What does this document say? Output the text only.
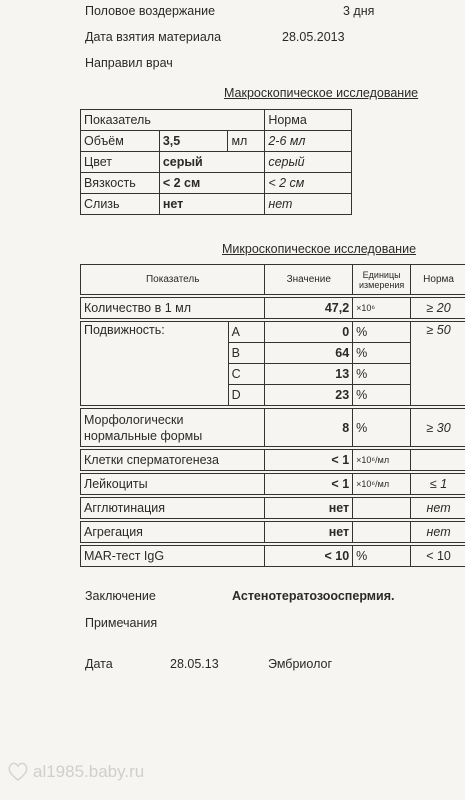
Половое воздержание	3 дня
Дата взятия материала	28.05.2013
Направил врач
Макроскопическое исследование
Показатель			Норма
Объём	3,5	мл	2-6 мл
Цвет	серый		серый
Вязкость	< 2 см		< 2 см
Слизь	нет		нет
Микроскопическое исследование
Показатель		Значение	Единицы измерения	Норма

Количество в 1 мл		47,2	×10⁶	≥ 20

Подвижность:	A	0	%	≥ 50
	B	64	%	
	C	13	%	
	D	23	%	

Морфологически
нормальные формы		8	%	≥ 30

Клетки сперматогенеза		< 1	×10⁶/мл	

Лейкоциты		< 1	×10⁶/мл	≤ 1

Агглютинация		нет		нет

Агрегация		нет		нет

MAR-тест IgG		< 10	%	< 10
Заключение	Астенотератозооспермия.
Примечания
Дата	28.05.13	Эмбриолог
al1985.baby.ru
